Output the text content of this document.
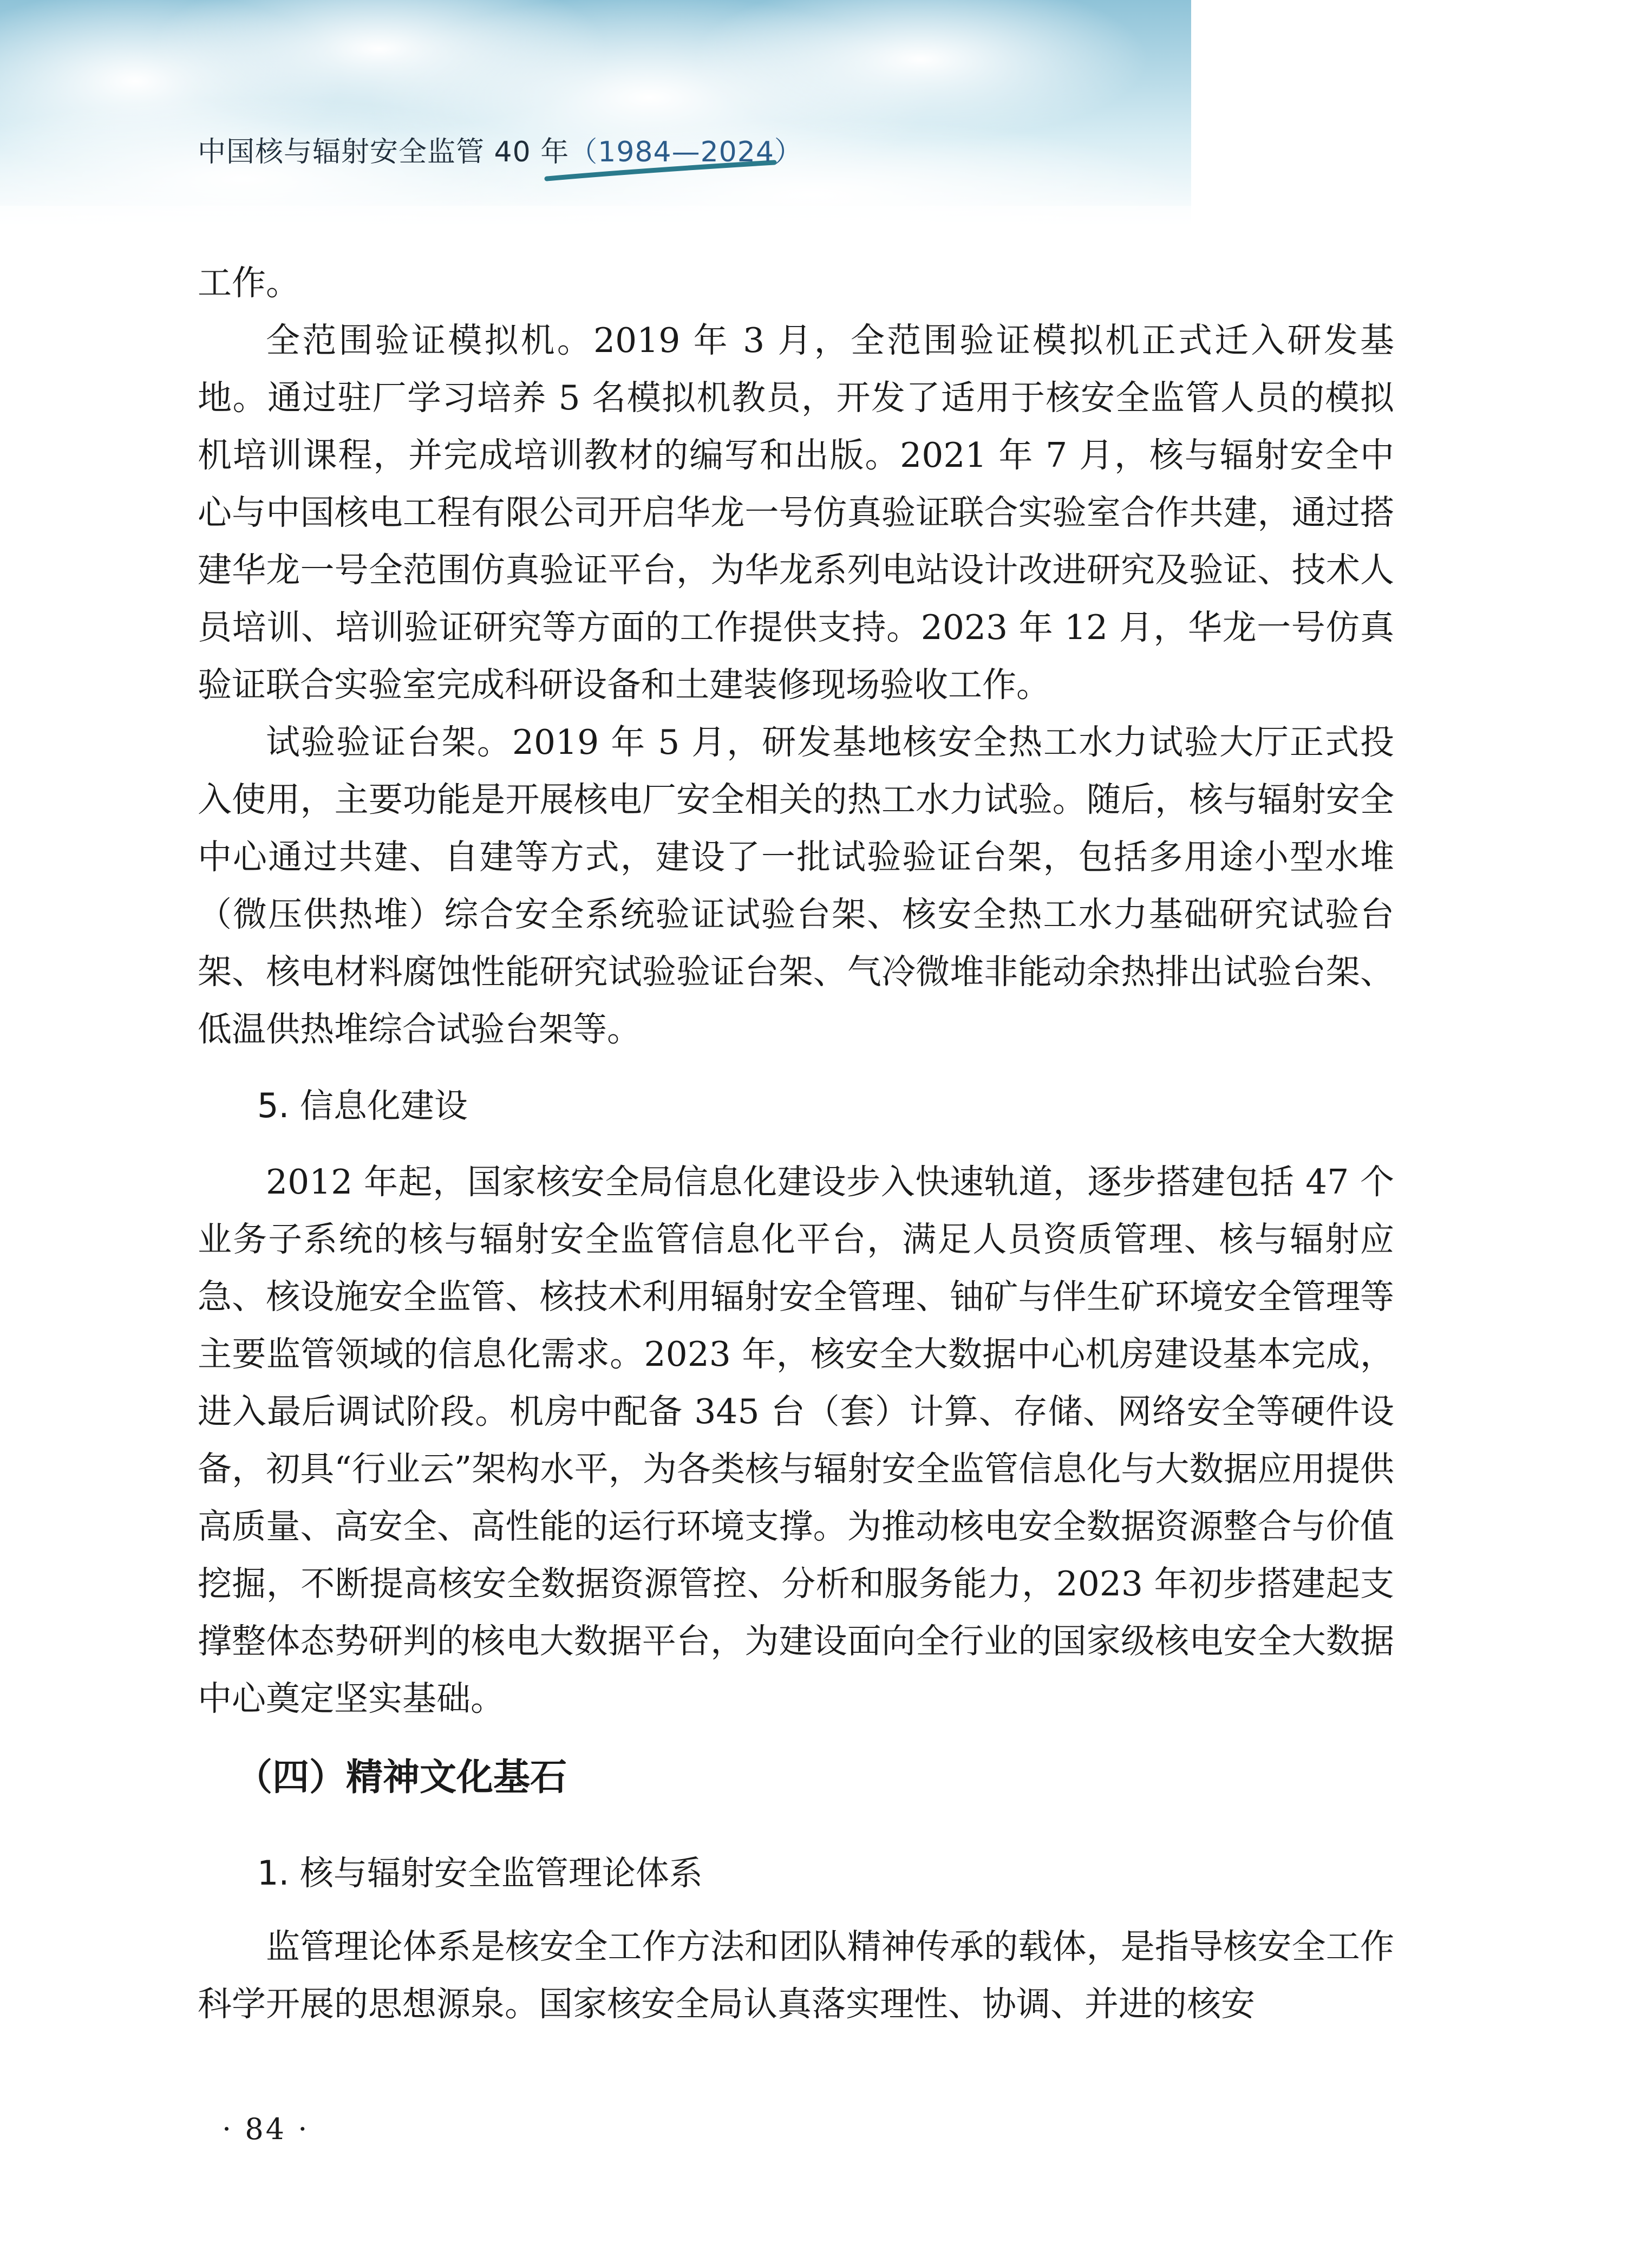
中国核与辐射安全监管 40 年（1984—2024）

工作。

全范围验证模拟机。2019 年 3 月，全范围验证模拟机正式迁入研发基地。通过驻厂学习培养 5 名模拟机教员，开发了适用于核安全监管人员的模拟机培训课程，并完成培训教材的编写和出版。2021 年 7 月，核与辐射安全中心与中国核电工程有限公司开启华龙一号仿真验证联合实验室合作共建，通过搭建华龙一号全范围仿真验证平台，为华龙系列电站设计改进研究及验证、技术人员培训、培训验证研究等方面的工作提供支持。2023 年 12 月，华龙一号仿真验证联合实验室完成科研设备和土建装修现场验收工作。

试验验证台架。2019 年 5 月，研发基地核安全热工水力试验大厅正式投入使用，主要功能是开展核电厂安全相关的热工水力试验。随后，核与辐射安全中心通过共建、自建等方式，建设了一批试验验证台架，包括多用途小型水堆（微压供热堆）综合安全系统验证试验台架、核安全热工水力基础研究试验台架、核电材料腐蚀性能研究试验验证台架、气冷微堆非能动余热排出试验台架、低温供热堆综合试验台架等。

5. 信息化建设

2012 年起，国家核安全局信息化建设步入快速轨道，逐步搭建包括 47 个业务子系统的核与辐射安全监管信息化平台，满足人员资质管理、核与辐射应急、核设施安全监管、核技术利用辐射安全管理、铀矿与伴生矿环境安全管理等主要监管领域的信息化需求。2023 年，核安全大数据中心机房建设基本完成，进入最后调试阶段。机房中配备 345 台（套）计算、存储、网络安全等硬件设备，初具“行业云”架构水平，为各类核与辐射安全监管信息化与大数据应用提供高质量、高安全、高性能的运行环境支撑。为推动核电安全数据资源整合与价值挖掘，不断提高核安全数据资源管控、分析和服务能力，2023 年初步搭建起支撑整体态势研判的核电大数据平台，为建设面向全行业的国家级核电安全大数据中心奠定坚实基础。

（四）精神文化基石

1. 核与辐射安全监管理论体系

监管理论体系是核安全工作方法和团队精神传承的载体，是指导核安全工作科学开展的思想源泉。国家核安全局认真落实理性、协调、并进的核安

· 84 ·
